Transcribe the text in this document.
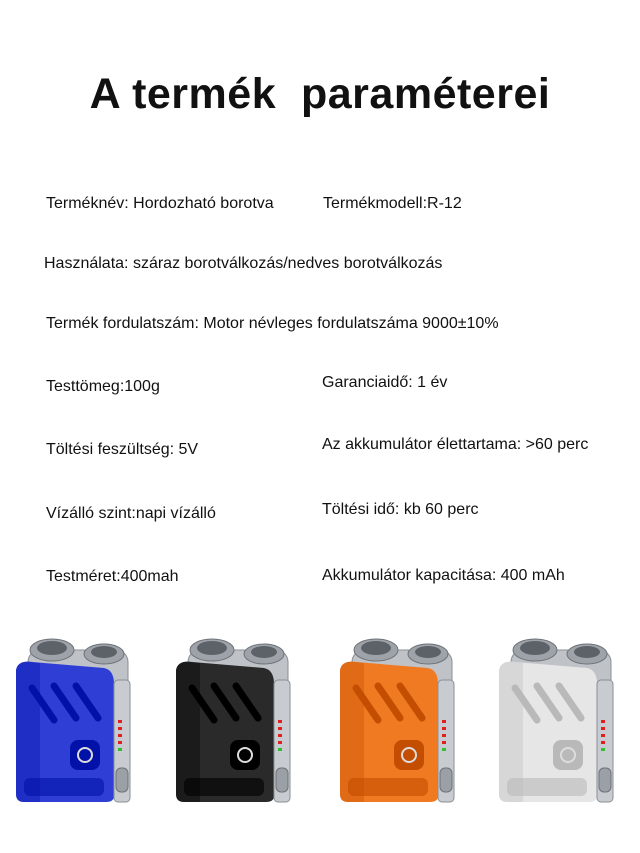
A termék  paraméterei
Terméknév: Hordozható borotva	Termékmodell:R-12
Használata: száraz borotválkozás/nedves borotválkozás
Termék fordulatszám: Motor névleges fordulatszáma 9000±10%
Testtömeg:100g	Garanciaidő: 1 év
Töltési feszültség: 5V	Az akkumulátor élettartama: >60 perc
Vízálló szint:napi vízálló	Töltési idő: kb 60 perc
Testméret:400mah	Akkumulátor kapacitása: 400 mAh
